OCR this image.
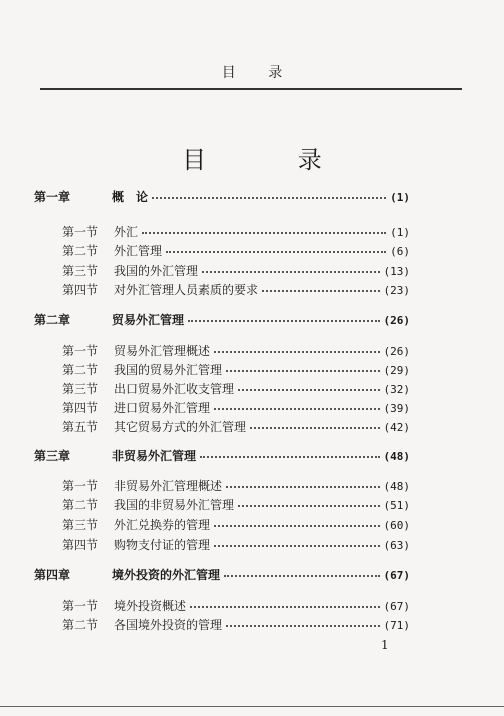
目 录
目 录
第一章	概　论	(1)
第一节	外汇	(1)
第二节	外汇管理	(6)
第三节	我国的外汇管理	(13)
第四节	对外汇管理人员素质的要求	(23)
第二章	贸易外汇管理	(26)
第一节	贸易外汇管理概述	(26)
第二节	我国的贸易外汇管理	(29)
第三节	出口贸易外汇收支管理	(32)
第四节	进口贸易外汇管理	(39)
第五节	其它贸易方式的外汇管理	(42)
第三章	非贸易外汇管理	(48)
第一节	非贸易外汇管理概述	(48)
第二节	我国的非贸易外汇管理	(51)
第三节	外汇兑换券的管理	(60)
第四节	购物支付证的管理	(63)
第四章	境外投资的外汇管理	(67)
第一节	境外投资概述	(67)
第二节	各国境外投资的管理	(71)
1
